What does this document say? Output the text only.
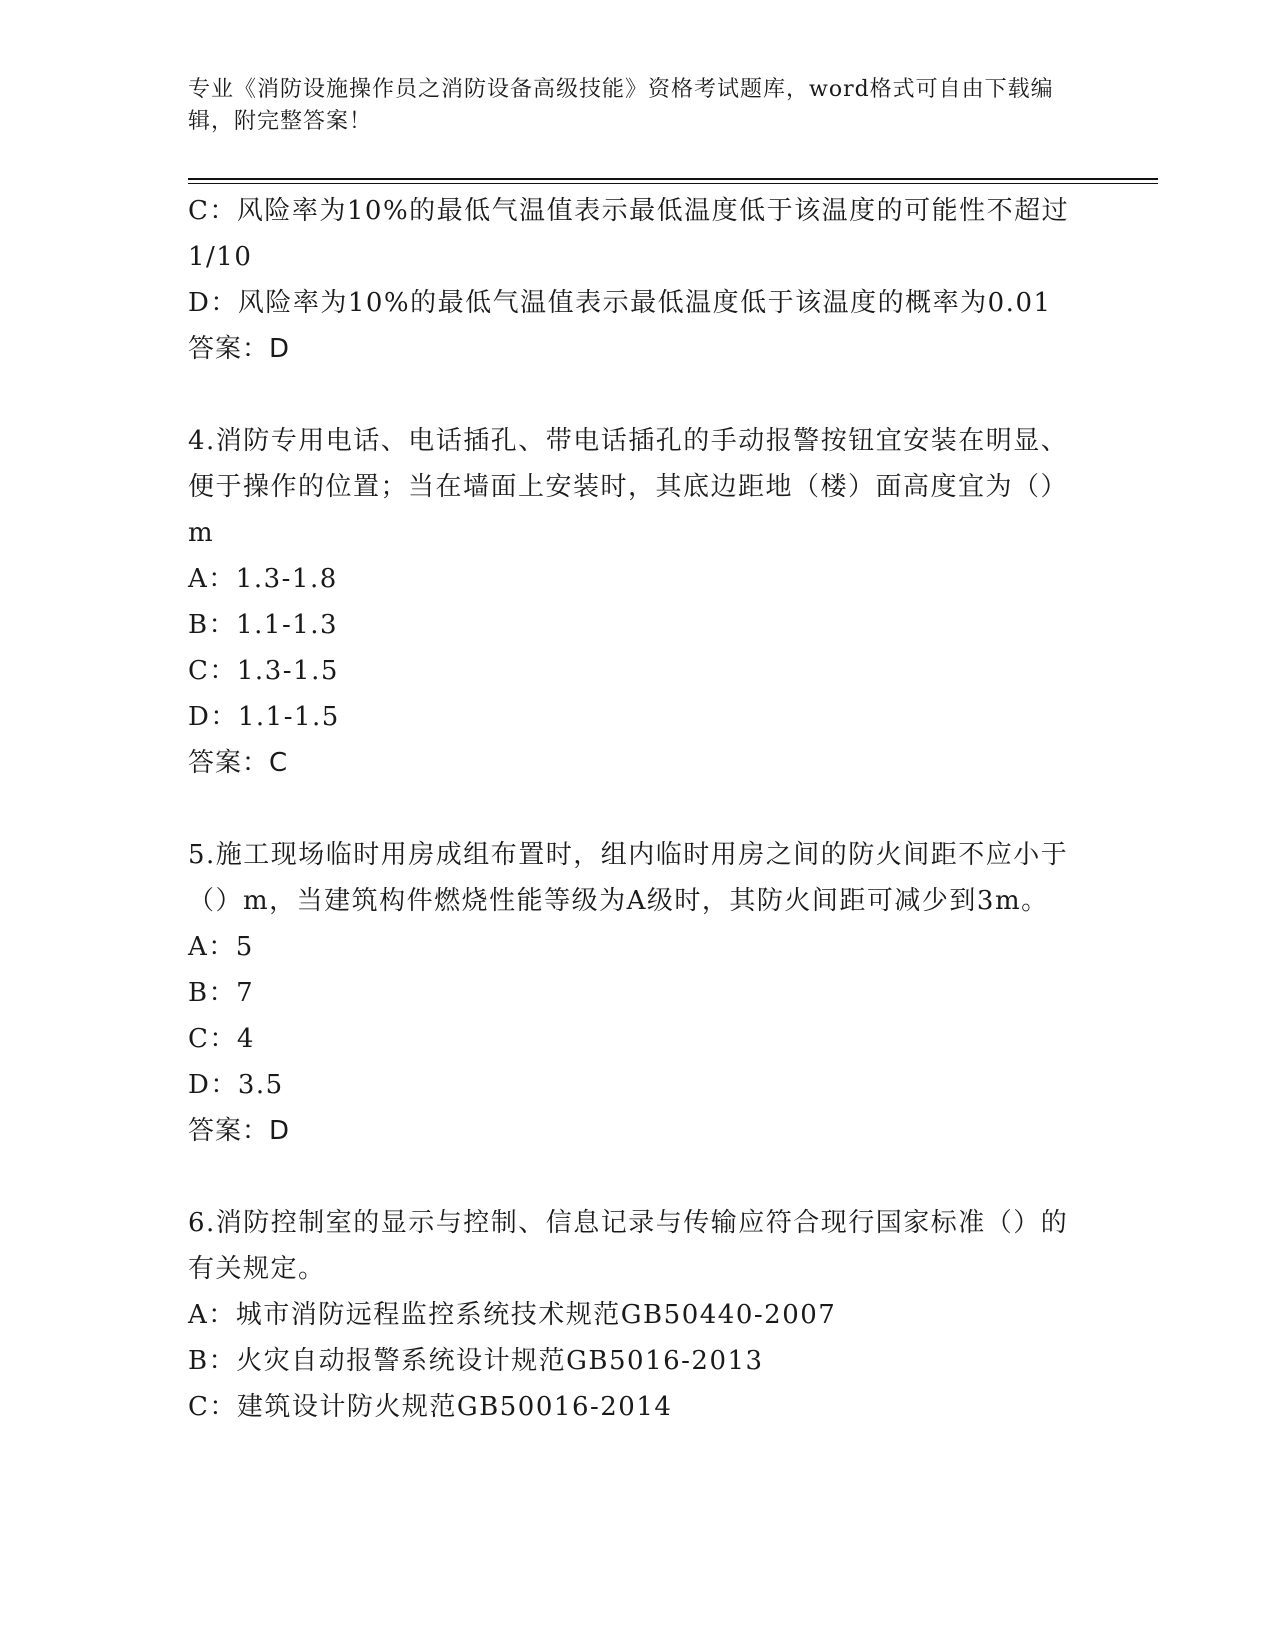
专业《消防设施操作员之消防设备高级技能》资格考试题库，word格式可自由下载编辑，附完整答案！

C：风险率为10%的最低气温值表示最低温度低于该温度的可能性不超过1/10

D：风险率为10%的最低气温值表示最低温度低于该温度的概率为0.01

答案：D

4.消防专用电话、电话插孔、带电话插孔的手动报警按钮宜安装在明显、便于操作的位置；当在墙面上安装时，其底边距地（楼）面高度宜为（）m

A：1.3-1.8

B：1.1-1.3

C：1.3-1.5

D：1.1-1.5

答案：C

5.施工现场临时用房成组布置时，组内临时用房之间的防火间距不应小于（）m，当建筑构件燃烧性能等级为A级时，其防火间距可减少到3m。

A：5

B：7

C：4

D：3.5

答案：D

6.消防控制室的显示与控制、信息记录与传输应符合现行国家标准（）的有关规定。

A：城市消防远程监控系统技术规范GB50440-2007

B：火灾自动报警系统设计规范GB5016-2013

C：建筑设计防火规范GB50016-2014
